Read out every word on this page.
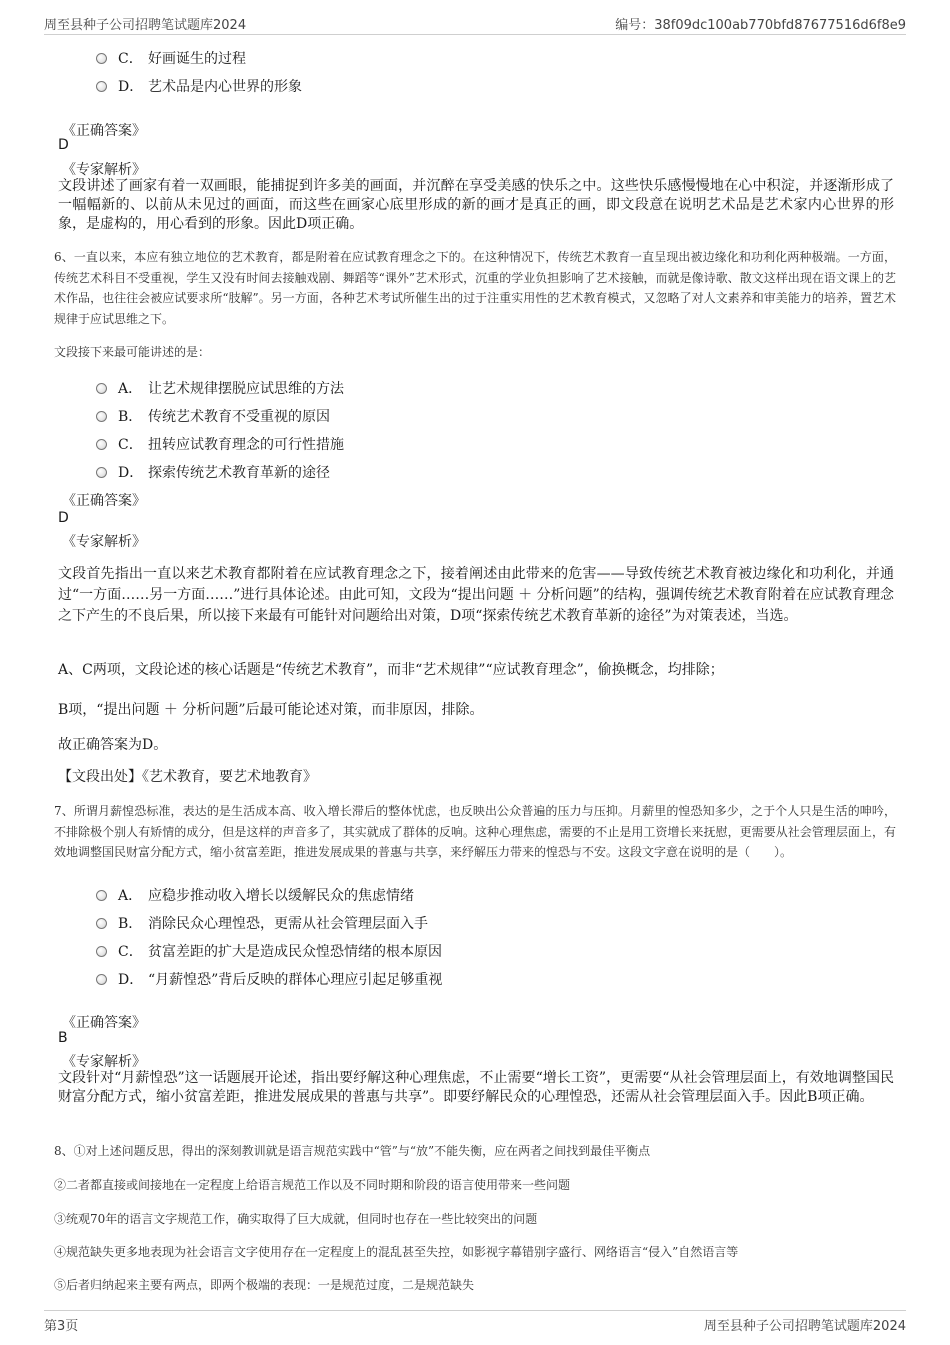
周至县种子公司招聘笔试题库2024	编号：38f09dc100ab770bfd87677516d6f8e9
C． 好画诞生的过程
D． 艺术品是内心世界的形象
《正确答案》
D
《专家解析》
文段讲述了画家有着一双画眼，能捕捉到许多美的画面，并沉醉在享受美感的快乐之中。这些快乐感慢慢地在心中积淀，并逐渐形成了一幅幅新的、以前从未见过的画面，而这些在画家心底里形成的新的画才是真正的画，即文段意在说明艺术品是艺术家内心世界的形象，是虚构的，用心看到的形象。因此D项正确。
6、一直以来，本应有独立地位的艺术教育，都是附着在应试教育理念之下的。在这种情况下，传统艺术教育一直呈现出被边缘化和功利化两种极端。一方面，传统艺术科目不受重视，学生又没有时间去接触戏剧、舞蹈等“课外”艺术形式，沉重的学业负担影响了艺术接触，而就是像诗歌、散文这样出现在语文课上的艺术作品，也往往会被应试要求所“肢解”。另一方面，各种艺术考试所催生出的过于注重实用性的艺术教育模式，又忽略了对人文素养和审美能力的培养，置艺术规律于应试思维之下。
文段接下来最可能讲述的是：
A． 让艺术规律摆脱应试思维的方法
B． 传统艺术教育不受重视的原因
C． 扭转应试教育理念的可行性措施
D． 探索传统艺术教育革新的途径
《正确答案》
D
《专家解析》
文段首先指出一直以来艺术教育都附着在应试教育理念之下，接着阐述由此带来的危害——导致传统艺术教育被边缘化和功利化，并通过“一方面……另一方面……”进行具体论述。由此可知，文段为“提出问题 ＋ 分析问题”的结构，强调传统艺术教育附着在应试教育理念之下产生的不良后果，所以接下来最有可能针对问题给出对策，D项“探索传统艺术教育革新的途径”为对策表述，当选。
A、C两项，文段论述的核心话题是“传统艺术教育”，而非“艺术规律”“应试教育理念”，偷换概念，均排除；
B项，“提出问题 ＋ 分析问题”后最可能论述对策，而非原因，排除。
故正确答案为D。
【文段出处】《艺术教育，要艺术地教育》
7、所谓月薪惶恐标准，表达的是生活成本高、收入增长滞后的整体忧虑，也反映出公众普遍的压力与压抑。月薪里的惶恐知多少，之于个人只是生活的呻吟，不排除极个别人有矫情的成分，但是这样的声音多了，其实就成了群体的反响。这种心理焦虑，需要的不止是用工资增长来抚慰，更需要从社会管理层面上，有效地调整国民财富分配方式，缩小贫富差距，推进发展成果的普惠与共享，来纾解压力带来的惶恐与不安。这段文字意在说明的是（　　）。
A． 应稳步推动收入增长以缓解民众的焦虑情绪
B． 消除民众心理惶恐，更需从社会管理层面入手
C． 贫富差距的扩大是造成民众惶恐情绪的根本原因
D． “月薪惶恐”背后反映的群体心理应引起足够重视
《正确答案》
B
《专家解析》
文段针对“月薪惶恐”这一话题展开论述，指出要纾解这种心理焦虑，不止需要“增长工资”，更需要“从社会管理层面上，有效地调整国民财富分配方式，缩小贫富差距，推进发展成果的普惠与共享”。即要纾解民众的心理惶恐，还需从社会管理层面入手。因此B项正确。
8、①对上述问题反思，得出的深刻教训就是语言规范实践中“管”与“放”不能失衡，应在两者之间找到最佳平衡点
②二者都直接或间接地在一定程度上给语言规范工作以及不同时期和阶段的语言使用带来一些问题
③统观70年的语言文字规范工作，确实取得了巨大成就，但同时也存在一些比较突出的问题
④规范缺失更多地表现为社会语言文字使用存在一定程度上的混乱甚至失控，如影视字幕错别字盛行、网络语言“侵入”自然语言等
⑤后者归纳起来主要有两点，即两个极端的表现：一是规范过度，二是规范缺失
第3页	周至县种子公司招聘笔试题库2024
